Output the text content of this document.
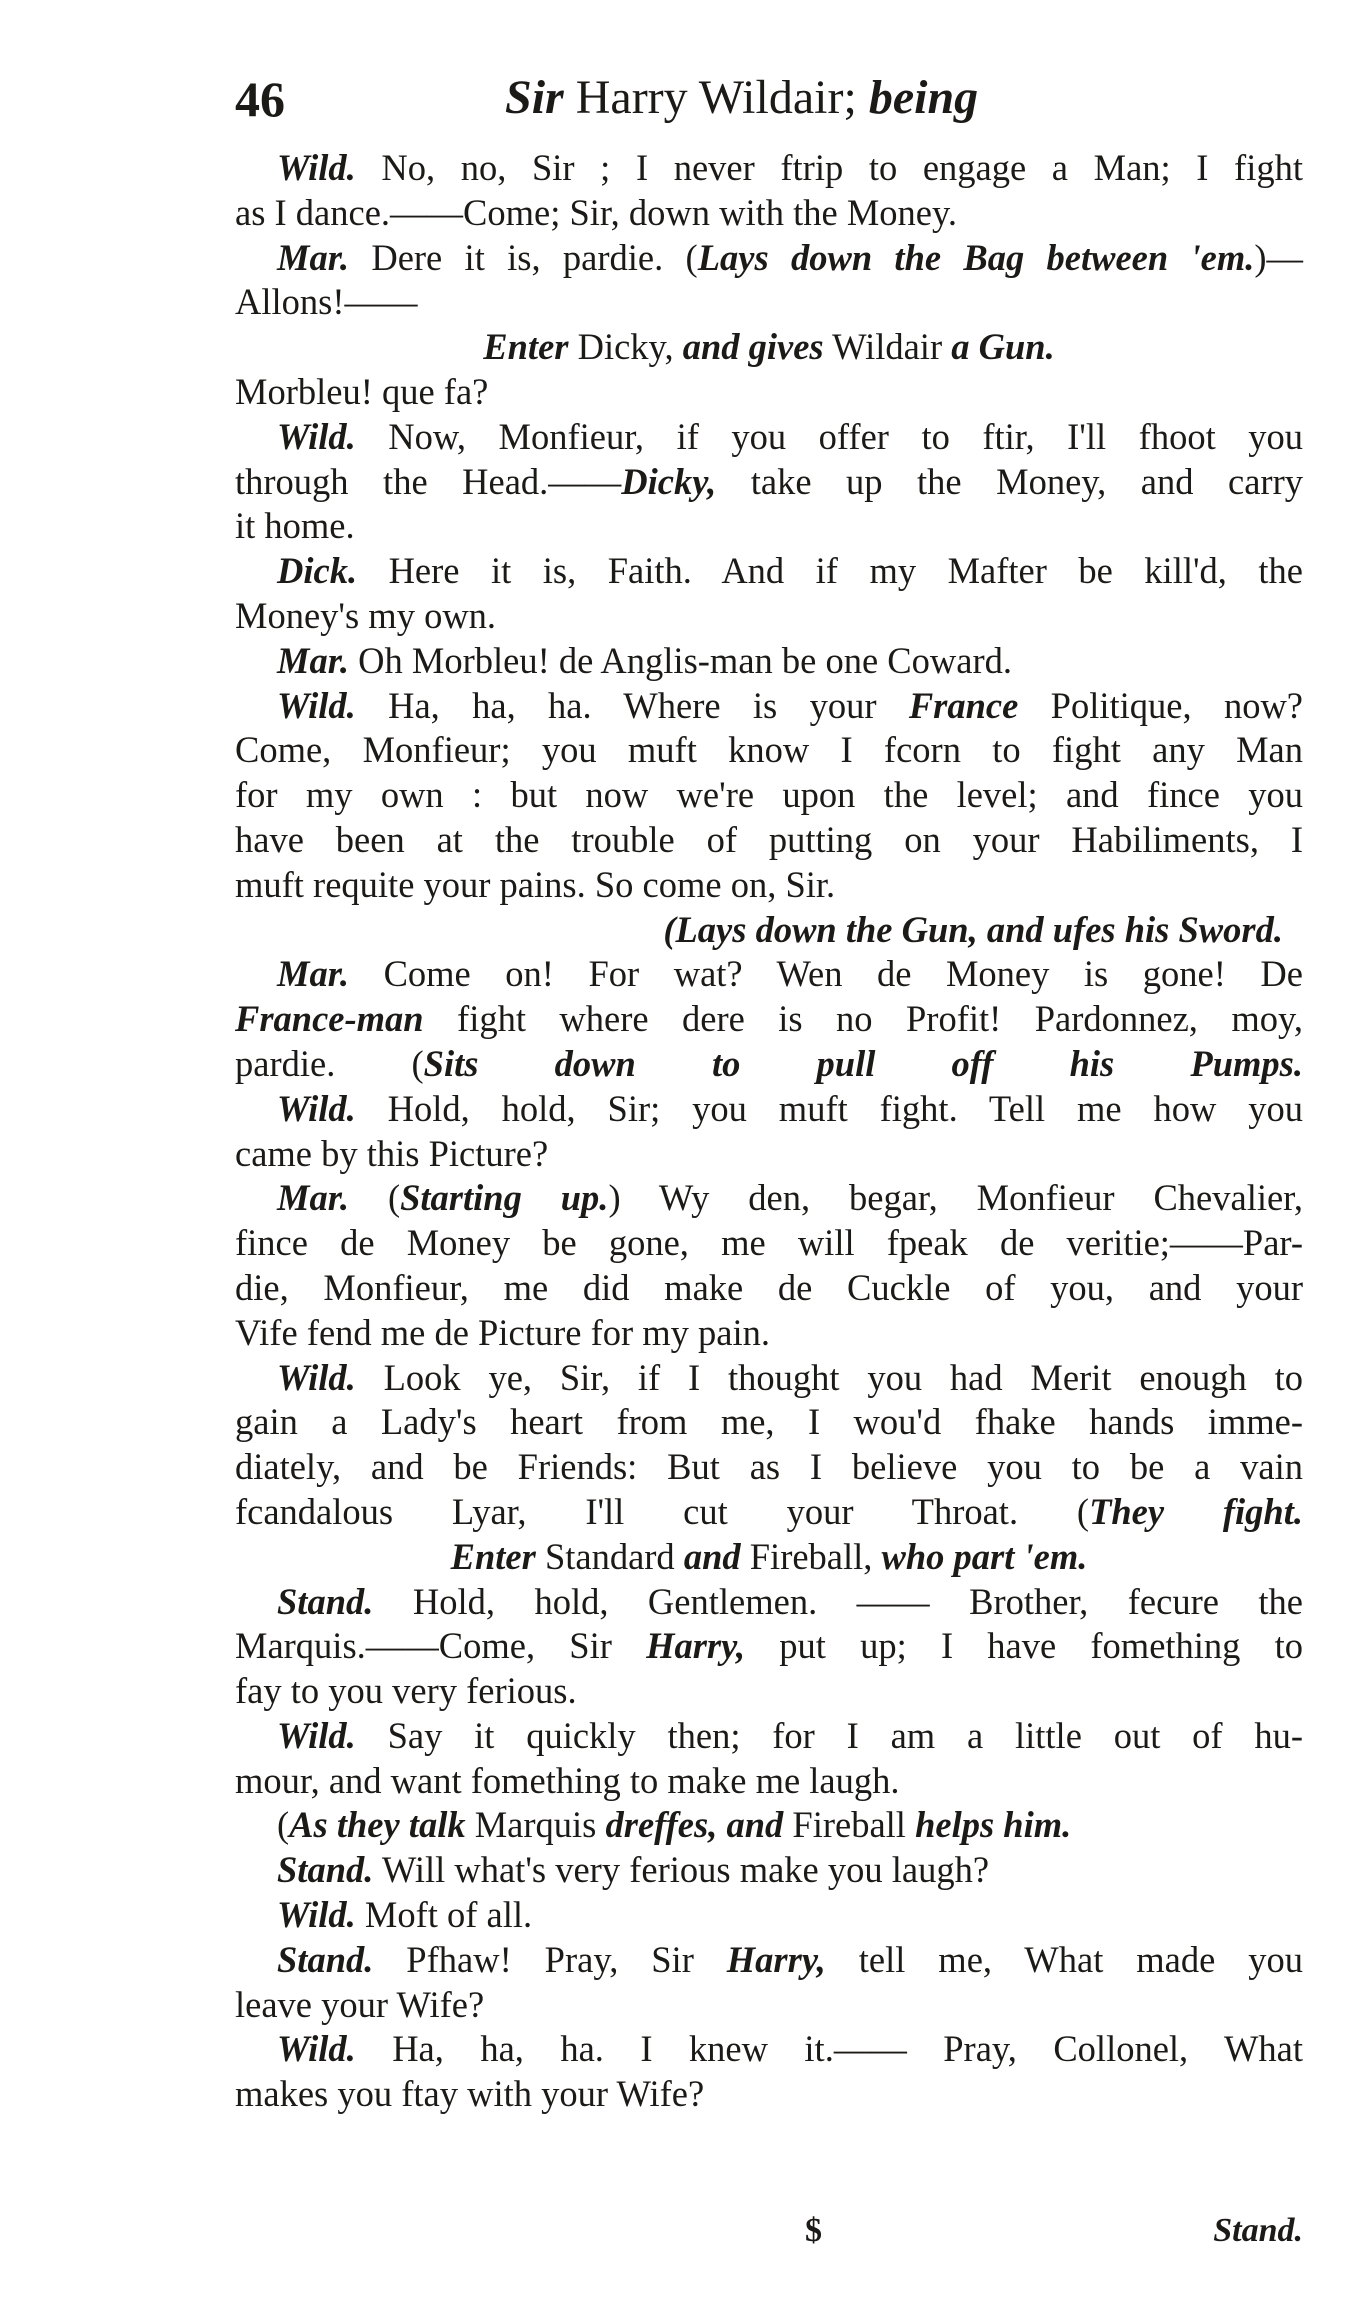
46	Sir Harry Wildair; being
Wild. No, no, Sir ; I never ftrip to engage a Man; I fight
as I dance.——Come; Sir, down with the Money.
Mar. Dere it is, pardie. (Lays down the Bag between 'em.)—
Allons!——
Enter Dicky, and gives Wildair a Gun.
Morbleu! que fa?
Wild. Now, Monfieur, if you offer to ftir, I'll fhoot you
through the Head.——Dicky, take up the Money, and carry
it home.
Dick. Here it is, Faith. And if my Mafter be kill'd, the
Money's my own.
Mar. Oh Morbleu! de Anglis-man be one Coward.
Wild. Ha, ha, ha. Where is your France Politique, now?
Come, Monfieur; you muft know I fcorn to fight any Man
for my own : but now we're upon the level; and fince you
have been at the trouble of putting on your Habiliments, I
muft requite your pains. So come on, Sir.
(Lays down the Gun, and ufes his Sword.
Mar. Come on! For wat? Wen de Money is gone! De
France-man fight where dere is no Profit! Pardonnez, moy,
pardie. (Sits down to pull off his Pumps.
Wild. Hold, hold, Sir; you muft fight. Tell me how you
came by this Picture?
Mar. (Starting up.) Wy den, begar, Monfieur Chevalier,
fince de Money be gone, me will fpeak de veritie;——Par-
die, Monfieur, me did make de Cuckle of you, and your
Vife fend me de Picture for my pain.
Wild. Look ye, Sir, if I thought you had Merit enough to
gain a Lady's heart from me, I wou'd fhake hands imme-
diately, and be Friends: But as I believe you to be a vain
fcandalous Lyar, I'll cut your Throat. (They fight.
Enter Standard and Fireball, who part 'em.
Stand. Hold, hold, Gentlemen. —— Brother, fecure the
Marquis.——Come, Sir Harry, put up; I have fomething to
fay to you very ferious.
Wild. Say it quickly then; for I am a little out of hu-
mour, and want fomething to make me laugh.
(As they talk Marquis dreffes, and Fireball helps him.
Stand. Will what's very ferious make you laugh?
Wild. Moft of all.
Stand. Pfhaw! Pray, Sir Harry, tell me, What made you
leave your Wife?
Wild. Ha, ha, ha. I knew it.—— Pray, Collonel, What
makes you ftay with your Wife?
$	Stand.
